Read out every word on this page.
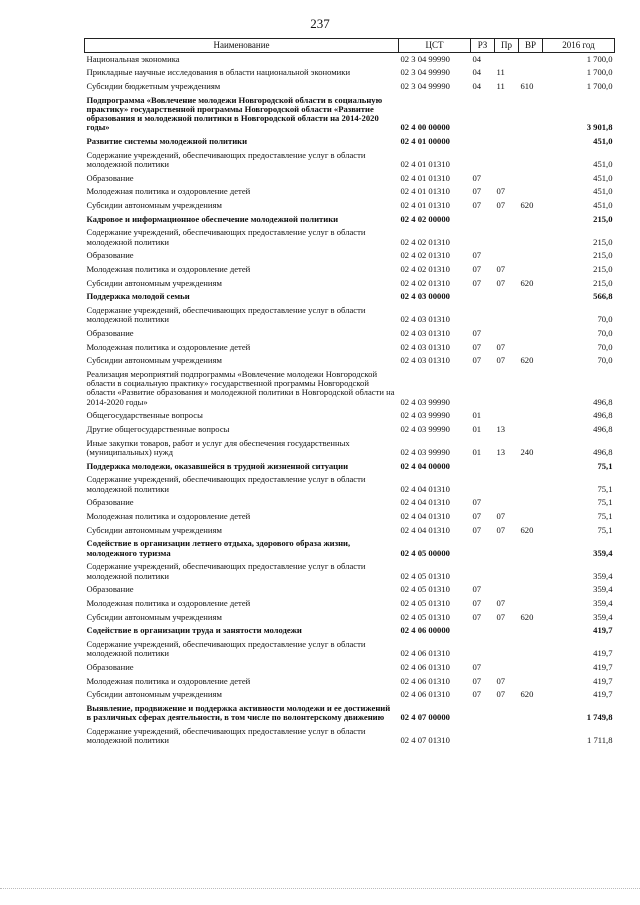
237
Наименование	ЦСТ	РЗ	Пр	ВР	2016 год
Национальная экономика	02 3 04 99990	04			1 700,0
Прикладные научные исследования в области национальной экономики	02 3 04 99990	04	11		1 700,0
Субсидии бюджетным учреждениям	02 3 04 99990	04	11	610	1 700,0
Подпрограмма «Вовлечение молодежи Новгородской области в социальную практику» государственной программы Новгородской области «Развитие образования и молодежной политики в Новгородской области на 2014-2020 годы»	02 4 00 00000				3 901,8
Развитие системы молодежной политики	02 4 01 00000				451,0
Содержание учреждений, обеспечивающих предоставление услуг в области молодежной политики	02 4 01 01310				451,0
Образование	02 4 01 01310	07			451,0
Молодежная политика и оздоровление детей	02 4 01 01310	07	07		451,0
Субсидии автономным учреждениям	02 4 01 01310	07	07	620	451,0
Кадровое и информационное обеспечение молодежной политики	02 4 02 00000				215,0
Содержание учреждений, обеспечивающих предоставление услуг в области молодежной политики	02 4 02 01310				215,0
Образование	02 4 02 01310	07			215,0
Молодежная политика и оздоровление детей	02 4 02 01310	07	07		215,0
Субсидии автономным учреждениям	02 4 02 01310	07	07	620	215,0
Поддержка молодой семьи	02 4 03 00000				566,8
Содержание учреждений, обеспечивающих предоставление услуг в области молодежной политики	02 4 03 01310				70,0
Образование	02 4 03 01310	07			70,0
Молодежная политика и оздоровление детей	02 4 03 01310	07	07		70,0
Субсидии автономным учреждениям	02 4 03 01310	07	07	620	70,0
Реализация мероприятий подпрограммы «Вовлечение молодежи Новгородской области в социальную практику» государственной программы Новгородской области «Развитие образования и молодежной политики в Новгородской области на 2014-2020 годы»	02 4 03 99990				496,8
Общегосударственные вопросы	02 4 03 99990	01			496,8
Другие общегосударственные вопросы	02 4 03 99990	01	13		496,8
Иные закупки товаров, работ и услуг для обеспечения государственных (муниципальных) нужд	02 4 03 99990	01	13	240	496,8
Поддержка молодежи, оказавшейся в трудной жизненной ситуации	02 4 04 00000				75,1
Содержание учреждений, обеспечивающих предоставление услуг в области молодежной политики	02 4 04 01310				75,1
Образование	02 4 04 01310	07			75,1
Молодежная политика и оздоровление детей	02 4 04 01310	07	07		75,1
Субсидии автономным учреждениям	02 4 04 01310	07	07	620	75,1
Содействие в организации летнего отдыха, здорового образа жизни, молодежного туризма	02 4 05 00000				359,4
Содержание учреждений, обеспечивающих предоставление услуг в области молодежной политики	02 4 05 01310				359,4
Образование	02 4 05 01310	07			359,4
Молодежная политика и оздоровление детей	02 4 05 01310	07	07		359,4
Субсидии автономным учреждениям	02 4 05 01310	07	07	620	359,4
Содействие в организации труда и занятости молодежи	02 4 06 00000				419,7
Содержание учреждений, обеспечивающих предоставление услуг в области молодежной политики	02 4 06 01310				419,7
Образование	02 4 06 01310	07			419,7
Молодежная политика и оздоровление детей	02 4 06 01310	07	07		419,7
Субсидии автономным учреждениям	02 4 06 01310	07	07	620	419,7
Выявление, продвижение и поддержка активности молодежи и ее достижений в различных сферах деятельности, в том числе по волонтерскому движению	02 4 07 00000				1 749,8
Содержание учреждений, обеспечивающих предоставление услуг в области молодежной политики	02 4 07 01310				1 711,8
